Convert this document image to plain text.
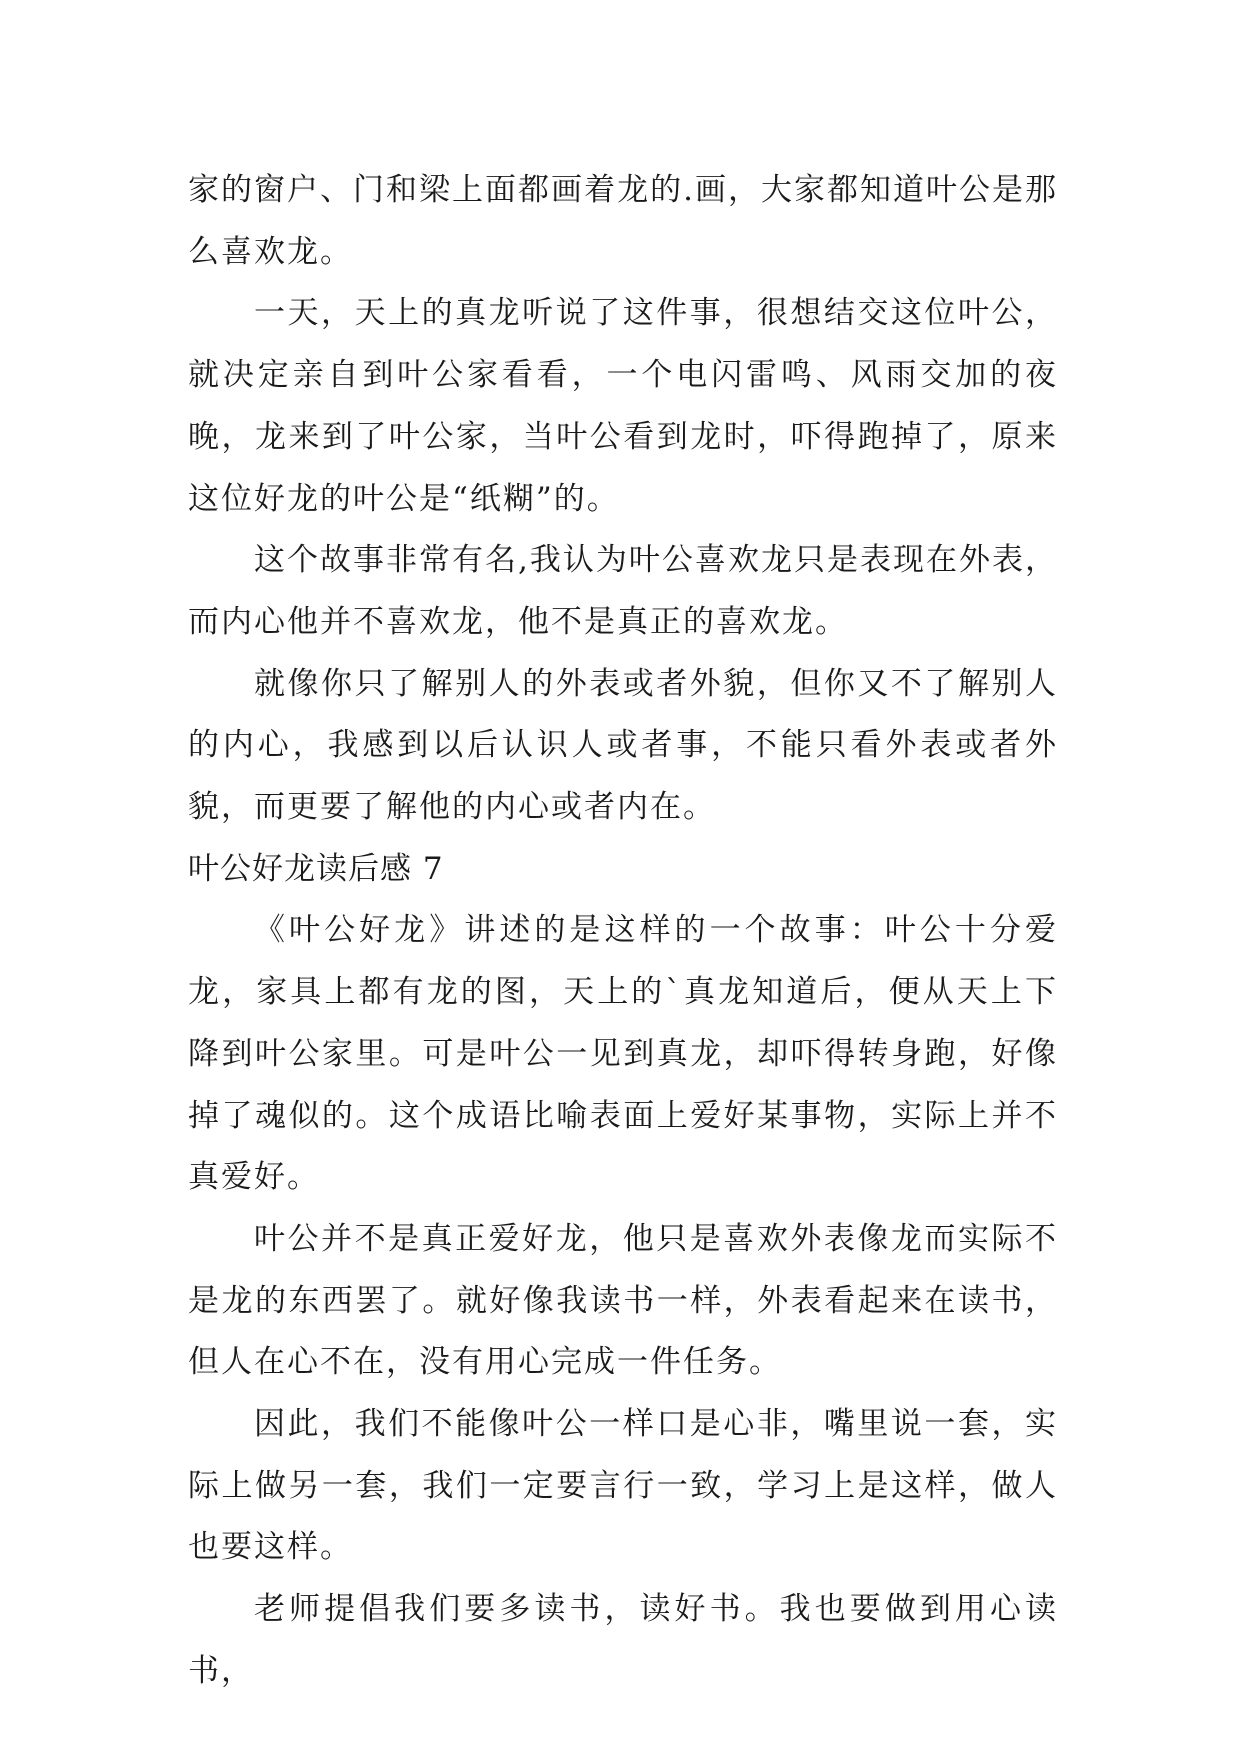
家的窗户、门和梁上面都画着龙的.画，大家都知道叶公是那么喜欢龙。

一天，天上的真龙听说了这件事，很想结交这位叶公，就决定亲自到叶公家看看，一个电闪雷鸣、风雨交加的夜晚，龙来到了叶公家，当叶公看到龙时，吓得跑掉了，原来这位好龙的叶公是“纸糊”的。

这个故事非常有名,我认为叶公喜欢龙只是表现在外表，而内心他并不喜欢龙，他不是真正的喜欢龙。

就像你只了解别人的外表或者外貌，但你又不了解别人的内心，我感到以后认识人或者事，不能只看外表或者外貌，而更要了解他的内心或者内在。

叶公好龙读后感 7

《叶公好龙》讲述的是这样的一个故事：叶公十分爱龙，家具上都有龙的图，天上的`真龙知道后，便从天上下降到叶公家里。可是叶公一见到真龙，却吓得转身跑，好像掉了魂似的。这个成语比喻表面上爱好某事物，实际上并不真爱好。

叶公并不是真正爱好龙，他只是喜欢外表像龙而实际不是龙的东西罢了。就好像我读书一样，外表看起来在读书，但人在心不在，没有用心完成一件任务。

因此，我们不能像叶公一样口是心非，嘴里说一套，实际上做另一套，我们一定要言行一致，学习上是这样，做人也要这样。

老师提倡我们要多读书，读好书。我也要做到用心读书，
